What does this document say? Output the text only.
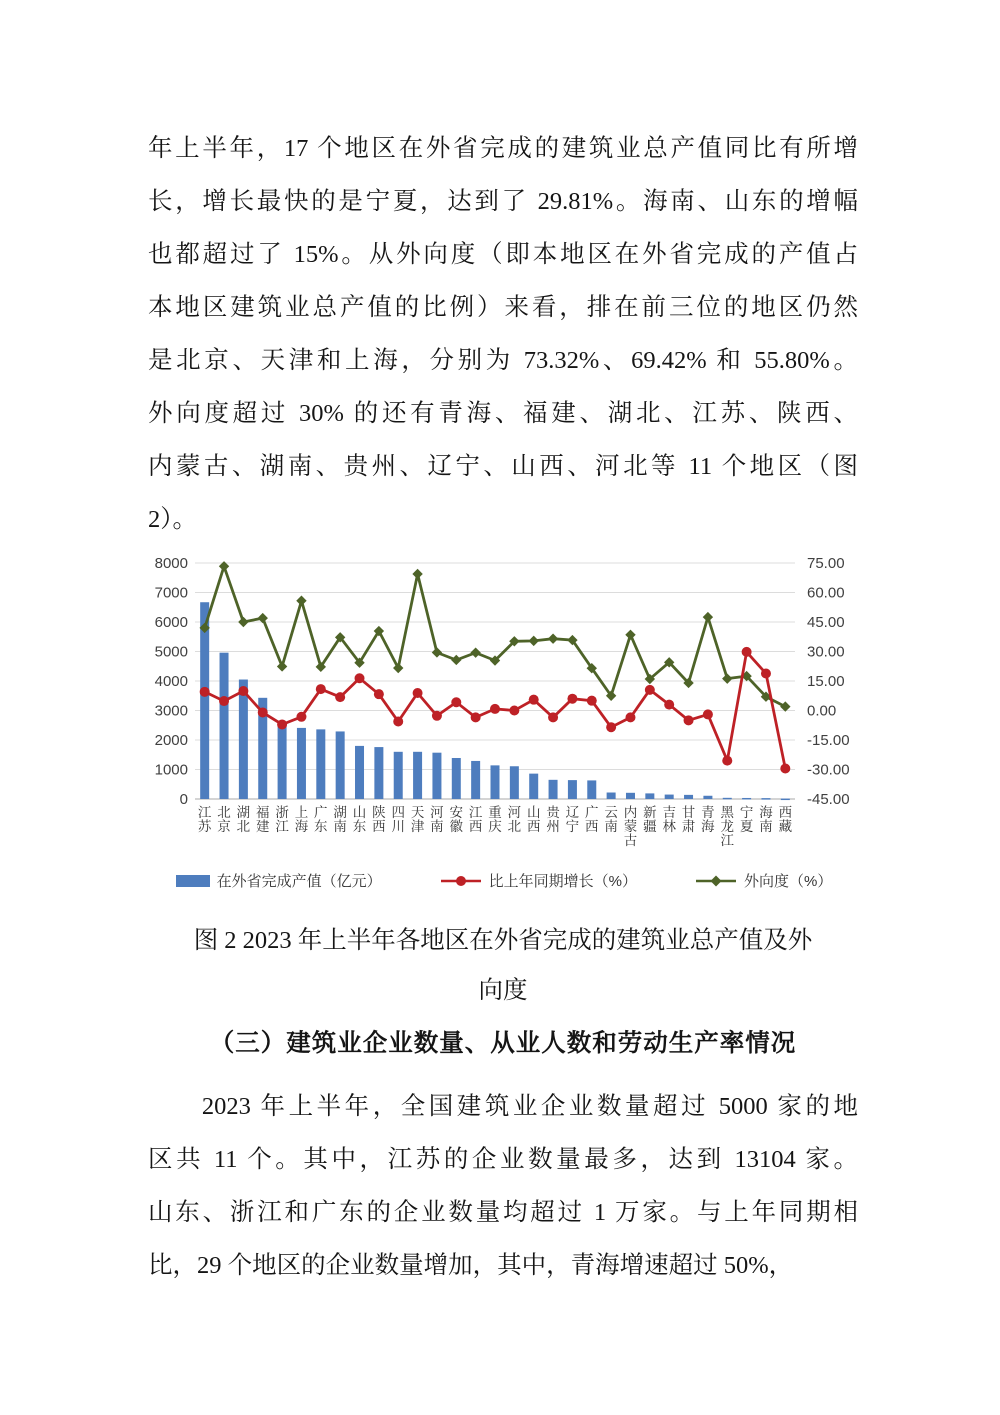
年上半年，17 个地区在外省完成的建筑业总产值同比有所增
长，增长最快的是宁夏，达到了 29.81%。海南、山东的增幅
也都超过了 15%。从外向度（即本地区在外省完成的产值占
本地区建筑业总产值的比例）来看，排在前三位的地区仍然
是北京、天津和上海，分别为 73.32%、69.42% 和 55.80%。
外向度超过 30% 的还有青海、福建、湖北、江苏、陕西、
内蒙古、湖南、贵州、辽宁、山西、河北等 11 个地区（图
2）。
-45.00
-30.00
-15.00
0.00
15.00
30.00
45.00
60.00
75.00
0
1000
2000
3000
4000
5000
6000
7000
8000
江苏
北京
湖北
福建
浙江
上海
广东
湖南
山东
陕西
四川
天津
河南
安徽
江西
重庆
河北
山西
贵州
辽宁
广西
云南
内蒙古
新疆
吉林
甘肃
青海
黑龙江
宁夏
海南
西藏
在外省完成产值（亿元）	比上年同期增长（%）	外向度（%）
图 2 2023 年上半年各地区在外省完成的建筑业总产值及外
向度
（三）建筑业企业数量、从业人数和劳动生产率情况
2023 年上半年，全国建筑业企业数量超过 5000 家的地
区共 11 个。其中，江苏的企业数量最多，达到 13104 家。
山东、浙江和广东的企业数量均超过 1 万家。与上年同期相
比，29 个地区的企业数量增加，其中，青海增速超过 50%，
